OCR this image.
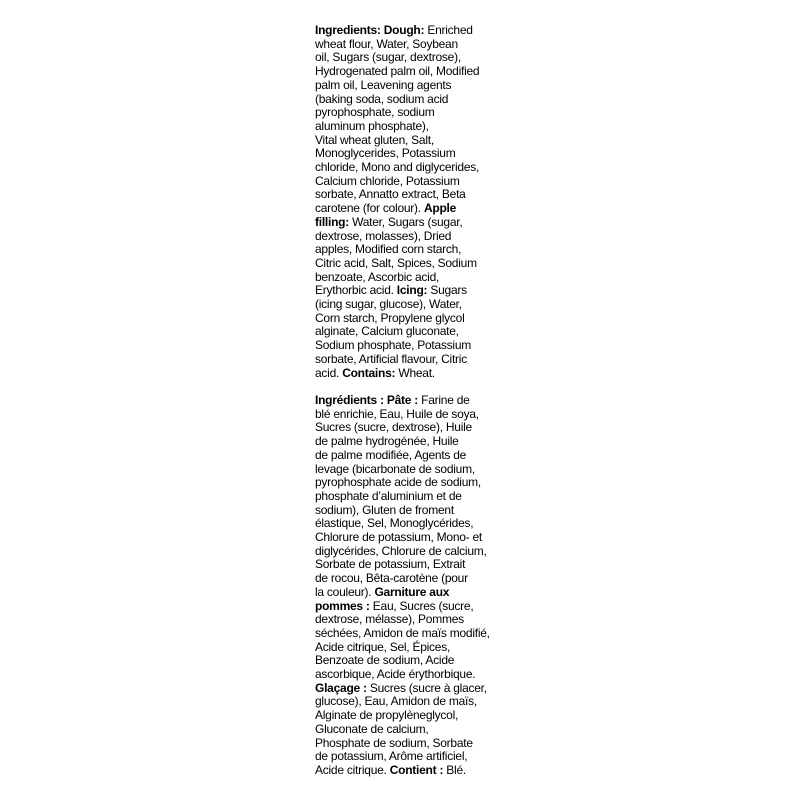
Ingredients: Dough: Enriched
wheat flour, Water, Soybean
oil, Sugars (sugar, dextrose),
Hydrogenated palm oil, Modified
palm oil, Leavening agents
(baking soda, sodium acid
pyrophosphate, sodium
aluminum phosphate),
Vital wheat gluten, Salt,
Monoglycerides, Potassium
chloride, Mono and diglycerides,
Calcium chloride, Potassium
sorbate, Annatto extract, Beta
carotene (for colour). Apple
filling: Water, Sugars (sugar,
dextrose, molasses), Dried
apples, Modified corn starch,
Citric acid, Salt, Spices, Sodium
benzoate, Ascorbic acid,
Erythorbic acid. Icing: Sugars
(icing sugar, glucose), Water,
Corn starch, Propylene glycol
alginate, Calcium gluconate,
Sodium phosphate, Potassium
sorbate, Artificial flavour, Citric
acid. Contains: Wheat.
Ingrédients : Pâte : Farine de
blé enrichie, Eau, Huile de soya,
Sucres (sucre, dextrose), Huile
de palme hydrogénée, Huile
de palme modifiée, Agents de
levage (bicarbonate de sodium,
pyrophosphate acide de sodium,
phosphate d’aluminium et de
sodium), Gluten de froment
élastique, Sel, Monoglycérides,
Chlorure de potassium, Mono- et
diglycérides, Chlorure de calcium,
Sorbate de potassium, Extrait
de rocou, Bêta-carotène (pour
la couleur). Garniture aux
pommes : Eau, Sucres (sucre,
dextrose, mélasse), Pommes
séchées, Amidon de maïs modifié,
Acide citrique, Sel, Épices,
Benzoate de sodium, Acide
ascorbique, Acide érythorbique.
Glaçage : Sucres (sucre à glacer,
glucose), Eau, Amidon de maïs,
Alginate de propylèneglycol,
Gluconate de calcium,
Phosphate de sodium, Sorbate
de potassium, Arôme artificiel,
Acide citrique. Contient : Blé.
